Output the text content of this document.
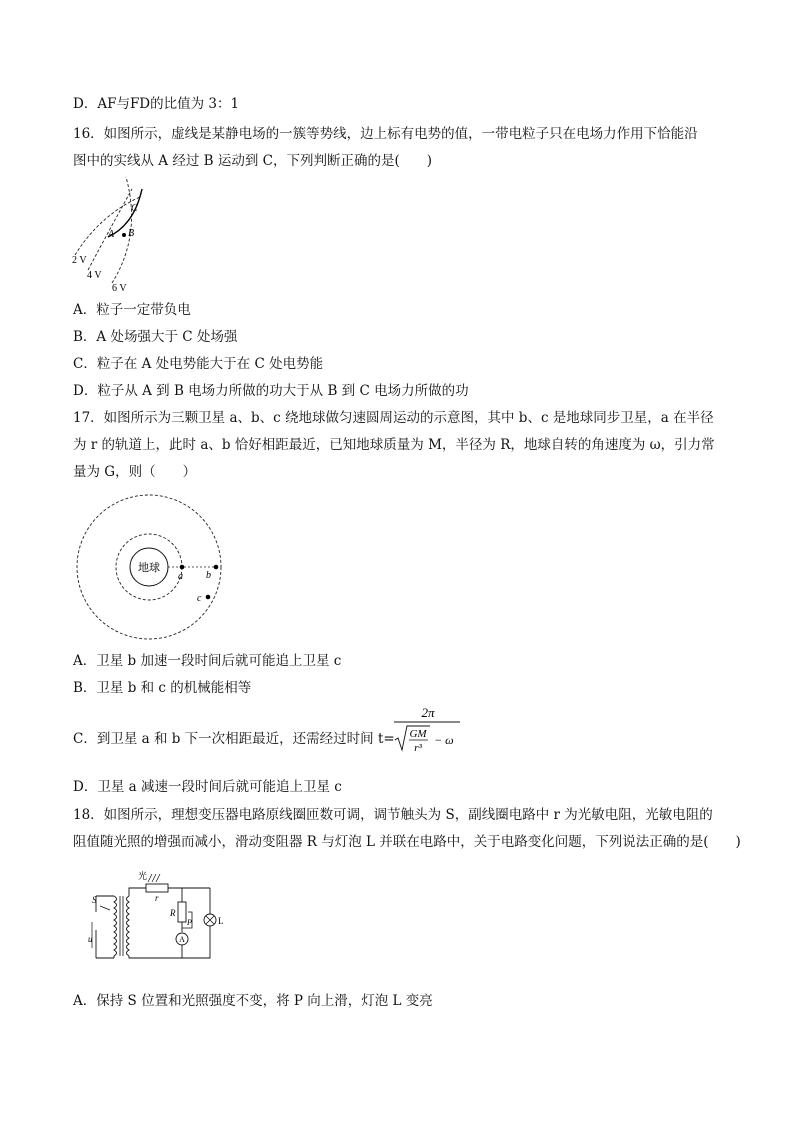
D．AF与FD的比值为 3：1
16．如图所示，虚线是某静电场的一簇等势线，边上标有电势的值，一带电粒子只在电场力作用下恰能沿
图中的实线从 A 经过 B 运动到 C，下列判断正确的是(　　)
C
A B
2 V
4 V
6 V
A．粒子一定带负电
B．A 处场强大于 C 处场强
C．粒子在 A 处电势能大于在 C 处电势能
D．粒子从 A 到 B 电场力所做的功大于从 B 到 C 电场力所做的功
17．如图所示为三颗卫星 a、b、c 绕地球做匀速圆周运动的示意图，其中 b、c 是地球同步卫星，a 在半径
为 r 的轨道上，此时 a、b 恰好相距最近，已知地球质量为 M，半径为 R，地球自转的角速度为 ω，引力常
量为 G，则（　　）
地球
a b
c
A．卫星 b 加速一段时间后就可能追上卫星 c
B．卫星 b 和 c 的机械能相等
C．到卫星 a 和 b 下一次相距最近，还需经过时间 t=
2π
GM
r³
− ω
D．卫星 a 减速一段时间后就可能追上卫星 c
18．如图所示，理想变压器电路原线圈匝数可调，调节触头为 S，副线圈电路中 r 为光敏电阻，光敏电阻的
阻值随光照的增强而减小，滑动变阻器 R 与灯泡 L 并联在电路中，关于电路变化问题，下列说法正确的是(　　)
S
u
光
r
R
P
A
L
A．保持 S 位置和光照强度不变，将 P 向上滑，灯泡 L 变亮
